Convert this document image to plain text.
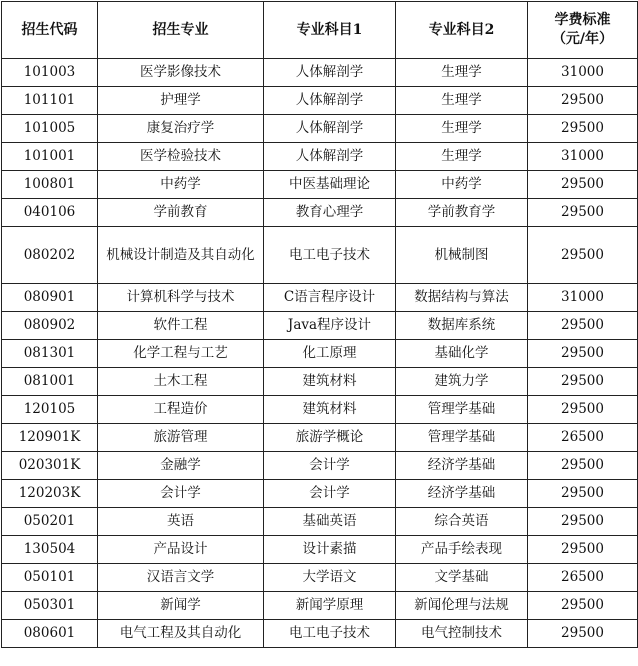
招生代码	招生专业	专业科目1	专业科目2	学费标准
（元/年）
101003	医学影像技术	人体解剖学	生理学	31000
101101	护理学	人体解剖学	生理学	29500
101005	康复治疗学	人体解剖学	生理学	29500
101001	医学检验技术	人体解剖学	生理学	31000
100801	中药学	中医基础理论	中药学	29500
040106	学前教育	教育心理学	学前教育学	29500
080202	机械设计制造及其自动化	电工电子技术	机械制图	29500
080901	计算机科学与技术	C语言程序设计	数据结构与算法	31000
080902	软件工程	Java程序设计	数据库系统	29500
081301	化学工程与工艺	化工原理	基础化学	29500
081001	土木工程	建筑材料	建筑力学	29500
120105	工程造价	建筑材料	管理学基础	29500
120901K	旅游管理	旅游学概论	管理学基础	26500
020301K	金融学	会计学	经济学基础	29500
120203K	会计学	会计学	经济学基础	29500
050201	英语	基础英语	综合英语	29500
130504	产品设计	设计素描	产品手绘表现	29500
050101	汉语言文学	大学语文	文学基础	26500
050301	新闻学	新闻学原理	新闻伦理与法规	29500
080601	电气工程及其自动化	电工电子技术	电气控制技术	29500
